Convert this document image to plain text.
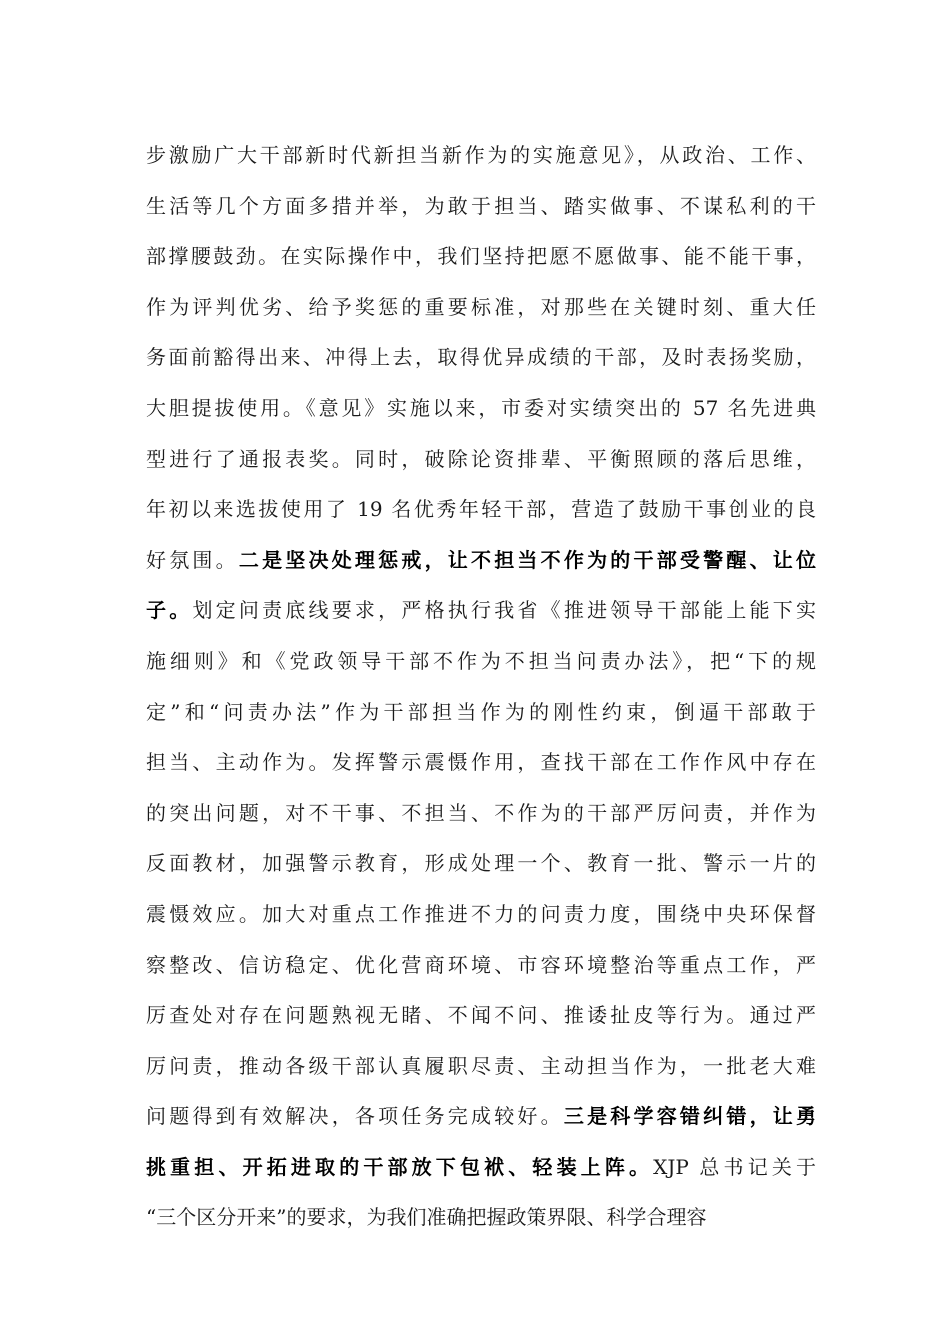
步激励广大干部新时代新担当新作为的实施意见》，从政治、工作、
生活等几个方面多措并举，为敢于担当、踏实做事、不谋私利的干
部撑腰鼓劲。在实际操作中，我们坚持把愿不愿做事、能不能干事，
作为评判优劣、给予奖惩的重要标准，对那些在关键时刻、重大任
务面前豁得出来、冲得上去，取得优异成绩的干部，及时表扬奖励，
大胆提拔使用。《意见》实施以来，市委对实绩突出的 57 名先进典
型进行了通报表奖。同时，破除论资排辈、平衡照顾的落后思维，
年初以来选拔使用了 19 名优秀年轻干部，营造了鼓励干事创业的良
好氛围。二是坚决处理惩戒，让不担当不作为的干部受警醒、让位
子。划定问责底线要求，严格执行我省《推进领导干部能上能下实
施细则》和《党政领导干部不作为不担当问责办法》，把“下的规
定”和“问责办法”作为干部担当作为的刚性约束，倒逼干部敢于
担当、主动作为。发挥警示震慑作用，查找干部在工作作风中存在
的突出问题，对不干事、不担当、不作为的干部严厉问责，并作为
反面教材，加强警示教育，形成处理一个、教育一批、警示一片的
震慑效应。加大对重点工作推进不力的问责力度，围绕中央环保督
察整改、信访稳定、优化营商环境、市容环境整治等重点工作，严
厉查处对存在问题熟视无睹、不闻不问、推诿扯皮等行为。通过严
厉问责，推动各级干部认真履职尽责、主动担当作为，一批老大难
问题得到有效解决，各项任务完成较好。三是科学容错纠错，让勇
挑重担、开拓进取的干部放下包袱、轻装上阵。XJP 总书记关于
“三个区分开来”的要求，为我们准确把握政策界限、科学合理容
